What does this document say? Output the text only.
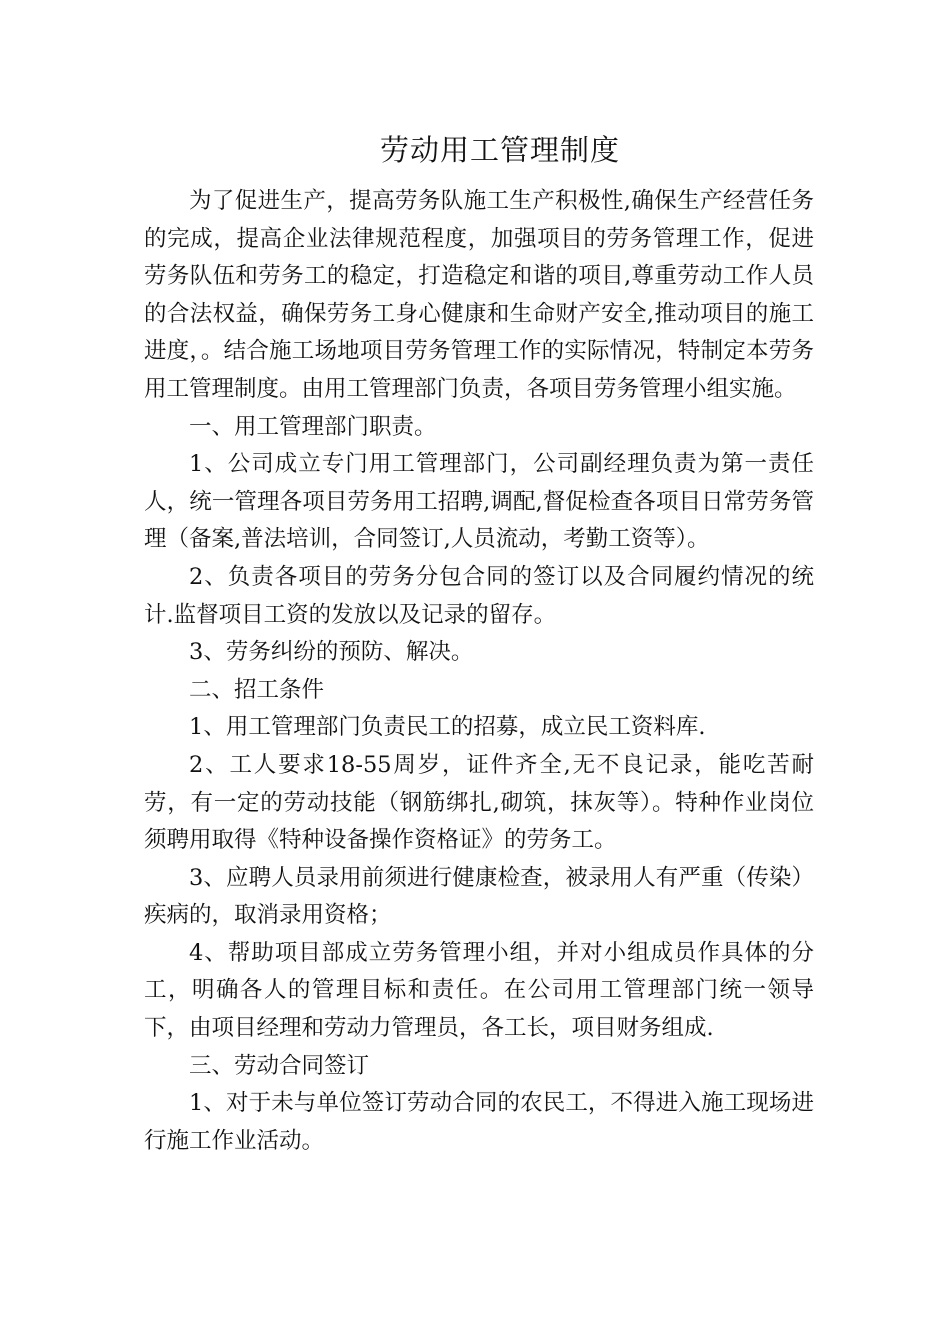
劳动用工管理制度

为了促进生产，提高劳务队施工生产积极性,确保生产经营任务的完成，提高企业法律规范程度，加强项目的劳务管理工作，促进劳务队伍和劳务工的稳定，打造稳定和谐的项目,尊重劳动工作人员的合法权益，确保劳务工身心健康和生命财产安全,推动项目的施工进度，。结合施工场地项目劳务管理工作的实际情况，特制定本劳务用工管理制度。由用工管理部门负责，各项目劳务管理小组实施。

一、用工管理部门职责。

1、公司成立专门用工管理部门，公司副经理负责为第一责任人，统一管理各项目劳务用工招聘,调配,督促检查各项目日常劳务管理（备案,普法培训，合同签订,人员流动，考勤工资等）。

2、负责各项目的劳务分包合同的签订以及合同履约情况的统计.监督项目工资的发放以及记录的留存。

3、劳务纠纷的预防、解决。

二、招工条件

1、用工管理部门负责民工的招募，成立民工资料库.

2、工人要求18-55周岁，证件齐全,无不良记录，能吃苦耐劳，有一定的劳动技能（钢筋绑扎,砌筑，抹灰等）。特种作业岗位须聘用取得《特种设备操作资格证》的劳务工。

3、应聘人员录用前须进行健康检查，被录用人有严重（传染）疾病的，取消录用资格；

4、帮助项目部成立劳务管理小组，并对小组成员作具体的分工，明确各人的管理目标和责任。在公司用工管理部门统一领导下，由项目经理和劳动力管理员，各工长，项目财务组成.

三、劳动合同签订

1、对于未与单位签订劳动合同的农民工，不得进入施工现场进行施工作业活动。
